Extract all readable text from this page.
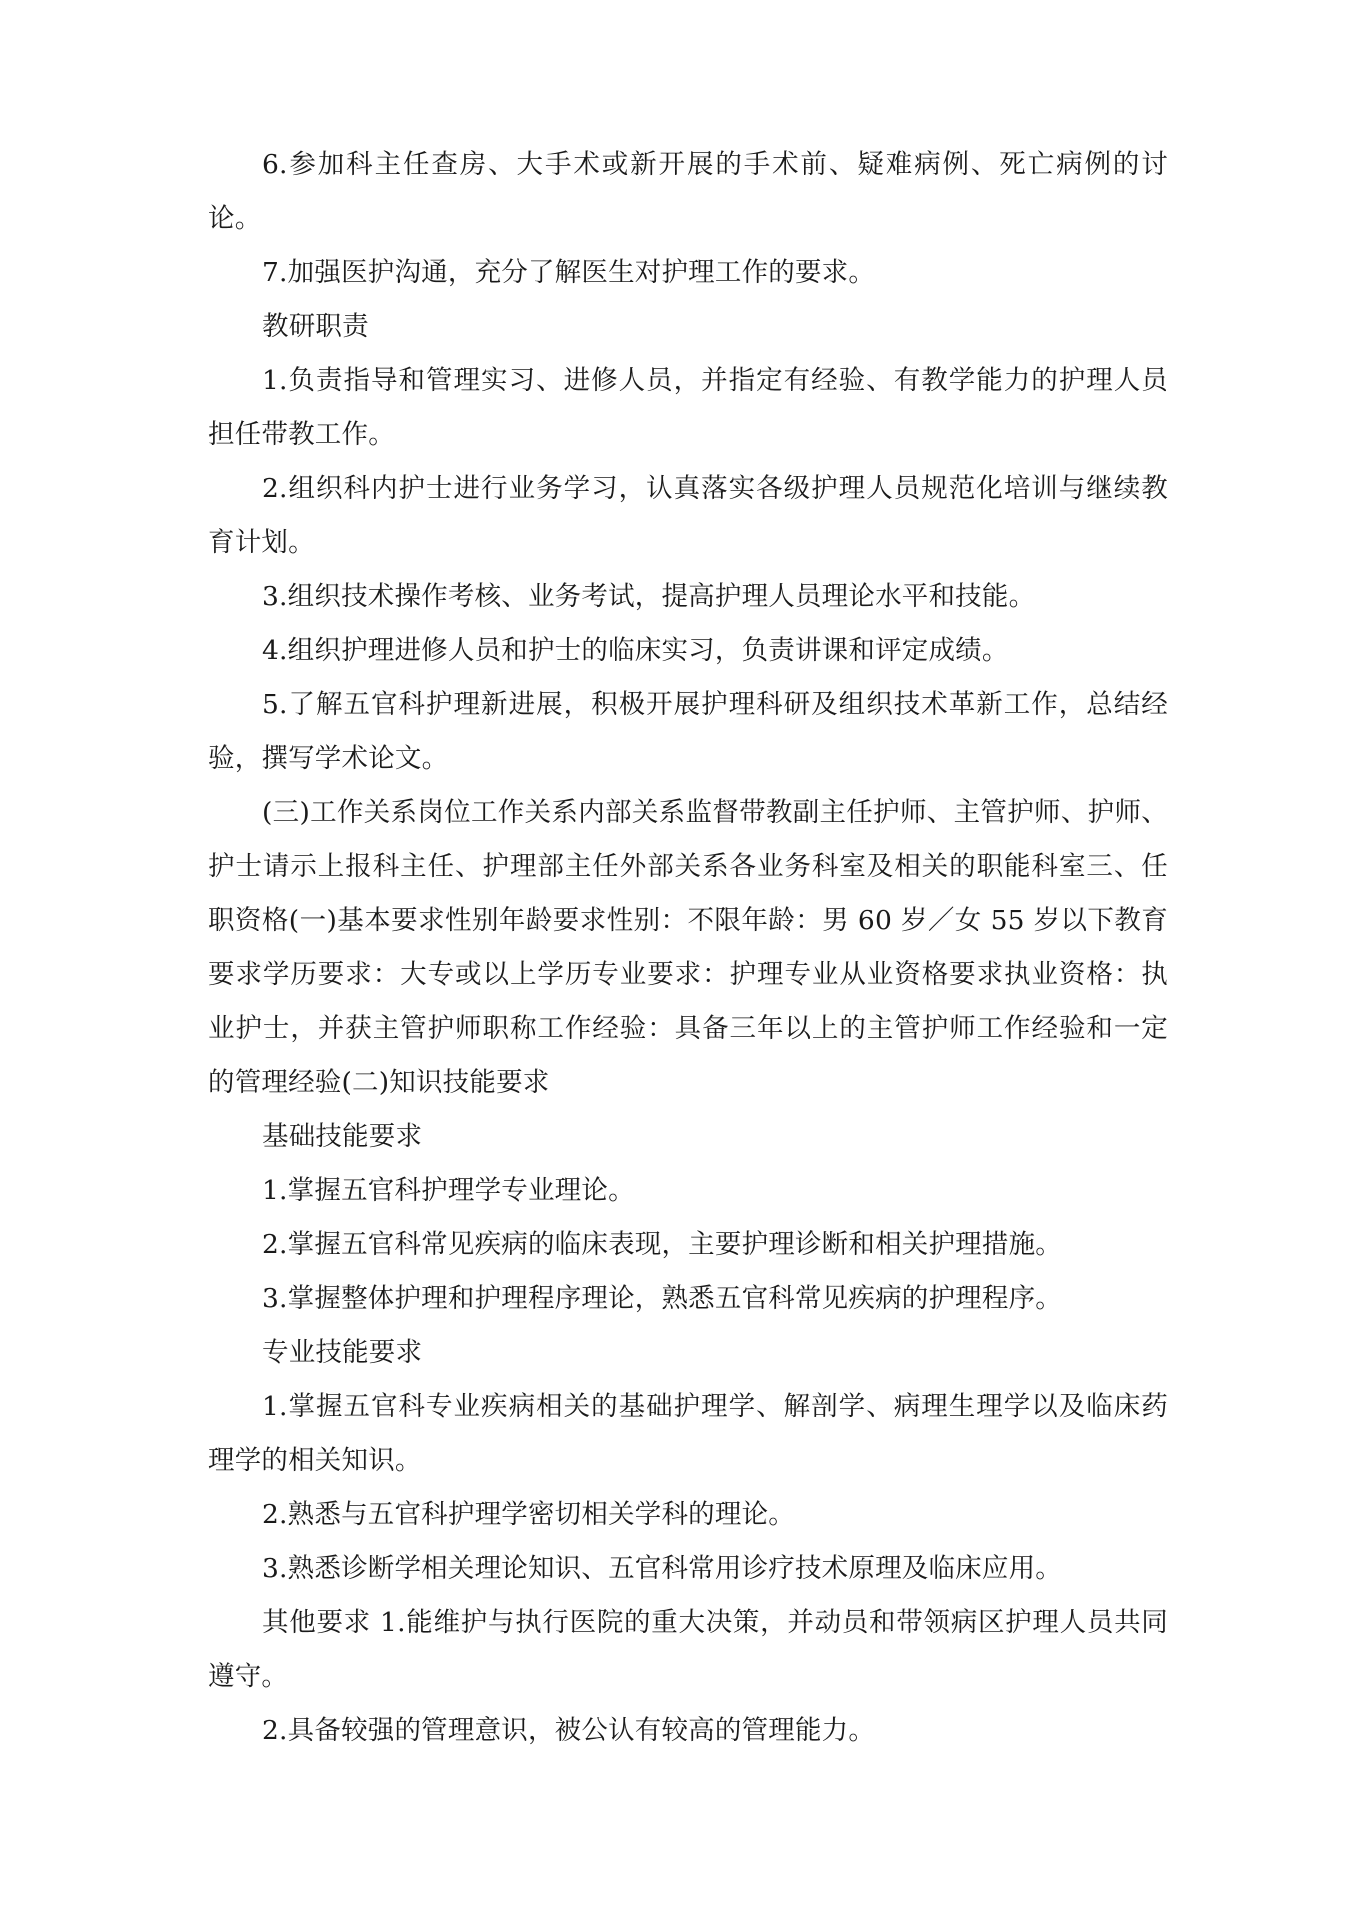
6.参加科主任查房、大手术或新开展的手术前、疑难病例、死亡病例的讨论。

7.加强医护沟通，充分了解医生对护理工作的要求。

教研职责

1.负责指导和管理实习、进修人员，并指定有经验、有教学能力的护理人员担任带教工作。

2.组织科内护士进行业务学习，认真落实各级护理人员规范化培训与继续教育计划。

3.组织技术操作考核、业务考试，提高护理人员理论水平和技能。

4.组织护理进修人员和护士的临床实习，负责讲课和评定成绩。

5.了解五官科护理新进展，积极开展护理科研及组织技术革新工作，总结经验，撰写学术论文。

(三)工作关系岗位工作关系内部关系监督带教副主任护师、主管护师、护师、护士请示上报科主任、护理部主任外部关系各业务科室及相关的职能科室三、任职资格(一)基本要求性别年龄要求性别：不限年龄：男 60 岁／女 55 岁以下教育要求学历要求：大专或以上学历专业要求：护理专业从业资格要求执业资格：执业护士，并获主管护师职称工作经验：具备三年以上的主管护师工作经验和一定的管理经验(二)知识技能要求

基础技能要求

1.掌握五官科护理学专业理论。

2.掌握五官科常见疾病的临床表现，主要护理诊断和相关护理措施。

3.掌握整体护理和护理程序理论，熟悉五官科常见疾病的护理程序。

专业技能要求

1.掌握五官科专业疾病相关的基础护理学、解剖学、病理生理学以及临床药理学的相关知识。

2.熟悉与五官科护理学密切相关学科的理论。

3.熟悉诊断学相关理论知识、五官科常用诊疗技术原理及临床应用。

其他要求 1.能维护与执行医院的重大决策，并动员和带领病区护理人员共同遵守。

2.具备较强的管理意识，被公认有较高的管理能力。
